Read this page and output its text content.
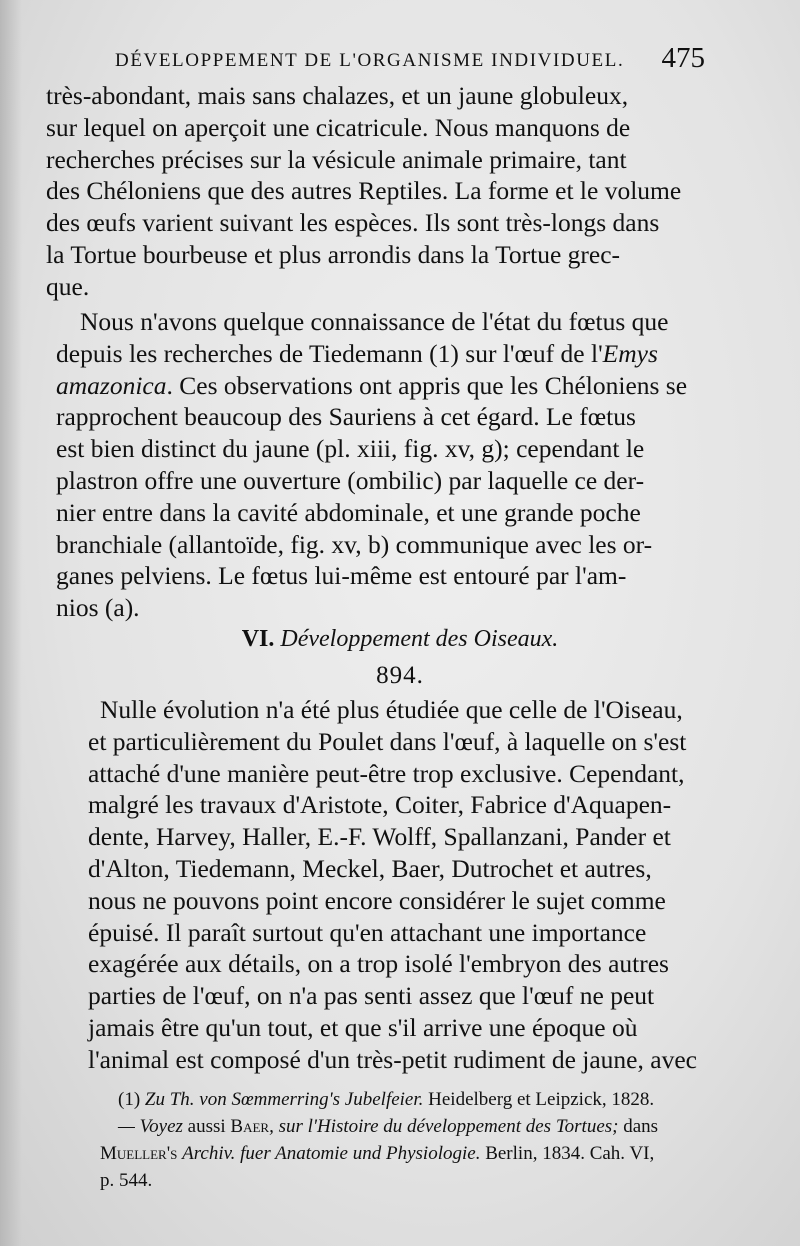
DÉVELOPPEMENT DE L'ORGANISME INDIVIDUEL. 475
très-abondant, mais sans chalazes, et un jaune globuleux,
sur lequel on aperçoit une cicatricule. Nous manquons de
recherches précises sur la vésicule animale primaire, tant
des Chéloniens que des autres Reptiles. La forme et le volume
des œufs varient suivant les espèces. Ils sont très-longs dans
la Tortue bourbeuse et plus arrondis dans la Tortue grec-
que.
Nous n'avons quelque connaissance de l'état du fœtus que
depuis les recherches de Tiedemann (1) sur l'œuf de l'Emys
amazonica. Ces observations ont appris que les Chéloniens se
rapprochent beaucoup des Sauriens à cet égard. Le fœtus
est bien distinct du jaune (pl. xiii, fig. xv, g); cependant le
plastron offre une ouverture (ombilic) par laquelle ce der-
nier entre dans la cavité abdominale, et une grande poche
branchiale (allantoïde, fig. xv, b) communique avec les or-
ganes pelviens. Le fœtus lui-même est entouré par l'am-
nios (a).
VI. Développement des Oiseaux.
894.
Nulle évolution n'a été plus étudiée que celle de l'Oiseau,
et particulièrement du Poulet dans l'œuf, à laquelle on s'est
attaché d'une manière peut-être trop exclusive. Cependant,
malgré les travaux d'Aristote, Coiter, Fabrice d'Aquapen-
dente, Harvey, Haller, E.-F. Wolff, Spallanzani, Pander et
d'Alton, Tiedemann, Meckel, Baer, Dutrochet et autres,
nous ne pouvons point encore considérer le sujet comme
épuisé. Il paraît surtout qu'en attachant une importance
exagérée aux détails, on a trop isolé l'embryon des autres
parties de l'œuf, on n'a pas senti assez que l'œuf ne peut
jamais être qu'un tout, et que s'il arrive une époque où
l'animal est composé d'un très-petit rudiment de jaune, avec
(1) Zu Th. von Sœmmerring's Jubelfeier. Heidelberg et Leipzick, 1828.
— Voyez aussi Baer, sur l'Histoire du développement des Tortues; dans
Mueller's Archiv. fuer Anatomie und Physiologie. Berlin, 1834. Cah. VI,
p. 544.
